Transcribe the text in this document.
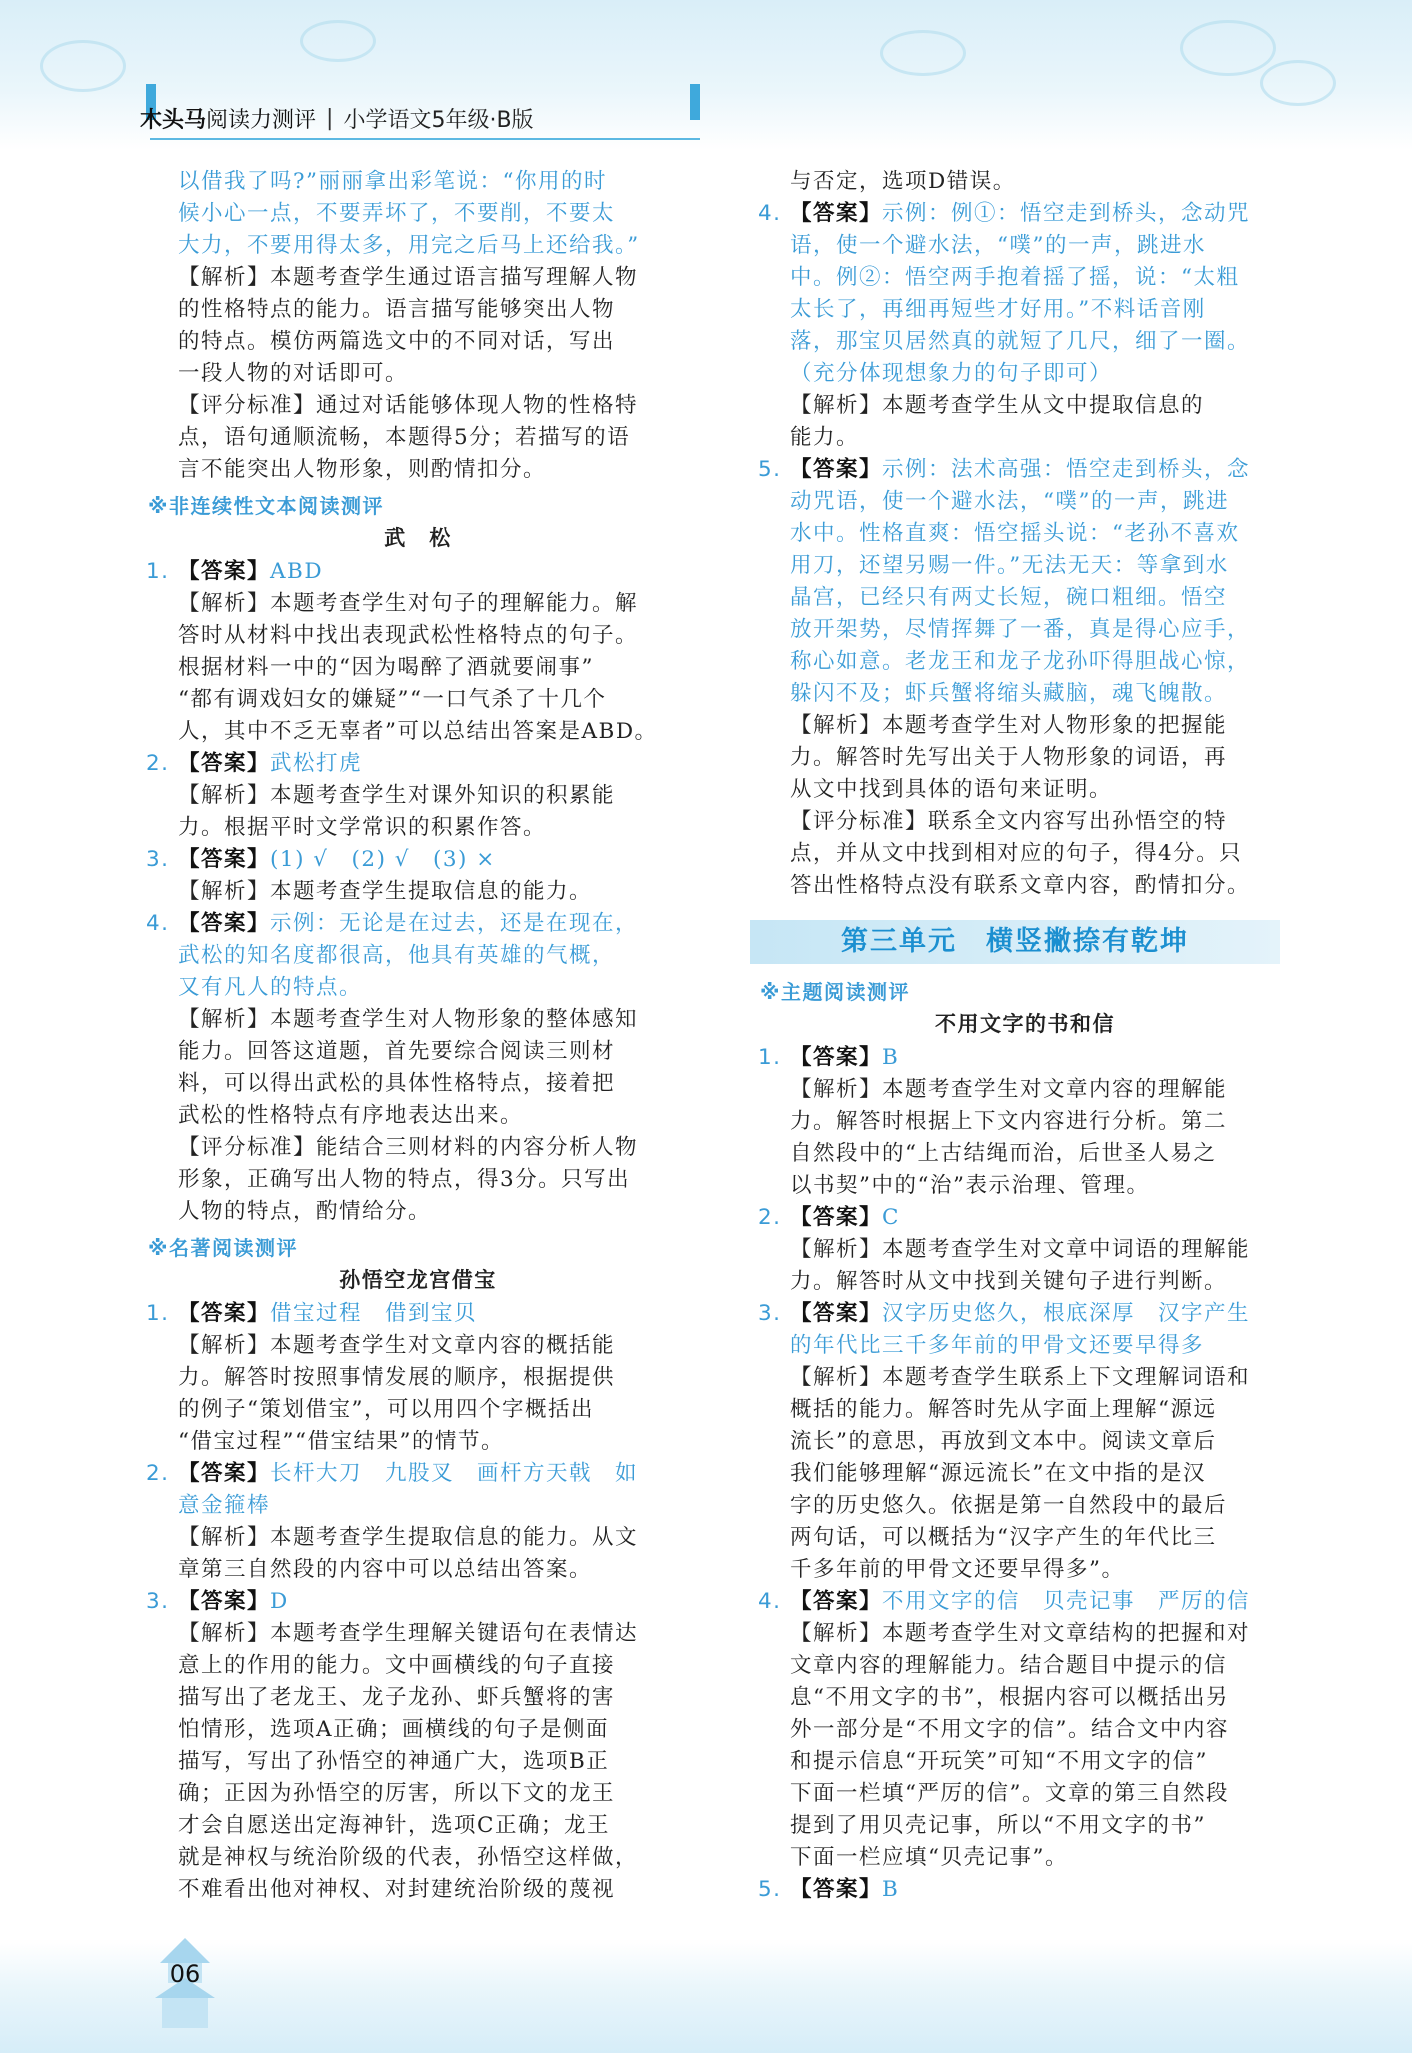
木头马 阅读力测评 | 小学语文5年级·B版
以借我了吗?”丽丽拿出彩笔说：“你用的时
候小心一点，不要弄坏了，不要削，不要太
大力，不要用得太多，用完之后马上还给我。”
【解析】本题考查学生通过语言描写理解人物
的性格特点的能力。语言描写能够突出人物
的特点。模仿两篇选文中的不同对话，写出
一段人物的对话即可。
【评分标准】通过对话能够体现人物的性格特
点，语句通顺流畅，本题得5分；若描写的语
言不能突出人物形象，则酌情扣分。
※非连续性文本阅读测评
武　松
1. 【答案】ABD
【解析】本题考查学生对句子的理解能力。解
答时从材料中找出表现武松性格特点的句子。
根据材料一中的“因为喝醉了酒就要闹事”
“都有调戏妇女的嫌疑”“一口气杀了十几个
人，其中不乏无辜者”可以总结出答案是ABD。
2. 【答案】武松打虎
【解析】本题考查学生对课外知识的积累能
力。根据平时文学常识的积累作答。
3. 【答案】(1) √　(2) √　(3) ×
【解析】本题考查学生提取信息的能力。
4. 【答案】示例：无论是在过去，还是在现在，
武松的知名度都很高，他具有英雄的气概，
又有凡人的特点。
【解析】本题考查学生对人物形象的整体感知
能力。回答这道题，首先要综合阅读三则材
料，可以得出武松的具体性格特点，接着把
武松的性格特点有序地表达出来。
【评分标准】能结合三则材料的内容分析人物
形象，正确写出人物的特点，得3分。只写出
人物的特点，酌情给分。
※名著阅读测评
孙悟空龙宫借宝
1. 【答案】借宝过程　借到宝贝
【解析】本题考查学生对文章内容的概括能
力。解答时按照事情发展的顺序，根据提供
的例子“策划借宝”，可以用四个字概括出
“借宝过程”“借宝结果”的情节。
2. 【答案】长杆大刀　九股叉　画杆方天戟　如
意金箍棒
【解析】本题考查学生提取信息的能力。从文
章第三自然段的内容中可以总结出答案。
3. 【答案】D
【解析】本题考查学生理解关键语句在表情达
意上的作用的能力。文中画横线的句子直接
描写出了老龙王、龙子龙孙、虾兵蟹将的害
怕情形，选项A正确；画横线的句子是侧面
描写，写出了孙悟空的神通广大，选项B正
确；正因为孙悟空的厉害，所以下文的龙王
才会自愿送出定海神针，选项C正确；龙王
就是神权与统治阶级的代表，孙悟空这样做，
不难看出他对神权、对封建统治阶级的蔑视
与否定，选项D错误。
4. 【答案】示例：例①：悟空走到桥头，念动咒
语，使一个避水法，“噗”的一声，跳进水
中。例②：悟空两手抱着摇了摇，说：“太粗
太长了，再细再短些才好用。”不料话音刚
落，那宝贝居然真的就短了几尺，细了一圈。
（充分体现想象力的句子即可）
【解析】本题考查学生从文中提取信息的
能力。
5. 【答案】示例：法术高强：悟空走到桥头，念
动咒语，使一个避水法，“噗”的一声，跳进
水中。性格直爽：悟空摇头说：“老孙不喜欢
用刀，还望另赐一件。”无法无天：等拿到水
晶宫，已经只有两丈长短，碗口粗细。悟空
放开架势，尽情挥舞了一番，真是得心应手，
称心如意。老龙王和龙子龙孙吓得胆战心惊，
躲闪不及；虾兵蟹将缩头藏脑，魂飞魄散。
【解析】本题考查学生对人物形象的把握能
力。解答时先写出关于人物形象的词语，再
从文中找到具体的语句来证明。
【评分标准】联系全文内容写出孙悟空的特
点，并从文中找到相对应的句子，得4分。只
答出性格特点没有联系文章内容，酌情扣分。
第三单元　横竖撇捺有乾坤
※主题阅读测评
不用文字的书和信
1. 【答案】B
【解析】本题考查学生对文章内容的理解能
力。解答时根据上下文内容进行分析。第二
自然段中的“上古结绳而治，后世圣人易之
以书契”中的“治”表示治理、管理。
2. 【答案】C
【解析】本题考查学生对文章中词语的理解能
力。解答时从文中找到关键句子进行判断。
3. 【答案】汉字历史悠久，根底深厚　汉字产生
的年代比三千多年前的甲骨文还要早得多
【解析】本题考查学生联系上下文理解词语和
概括的能力。解答时先从字面上理解“源远
流长”的意思，再放到文本中。阅读文章后
我们能够理解“源远流长”在文中指的是汉
字的历史悠久。依据是第一自然段中的最后
两句话，可以概括为“汉字产生的年代比三
千多年前的甲骨文还要早得多”。
4. 【答案】不用文字的信　贝壳记事　严厉的信
【解析】本题考查学生对文章结构的把握和对
文章内容的理解能力。结合题目中提示的信
息“不用文字的书”，根据内容可以概括出另
外一部分是“不用文字的信”。结合文中内容
和提示信息“开玩笑”可知“不用文字的信”
下面一栏填“严厉的信”。文章的第三自然段
提到了用贝壳记事，所以“不用文字的书”
下面一栏应填“贝壳记事”。
5. 【答案】B
06
